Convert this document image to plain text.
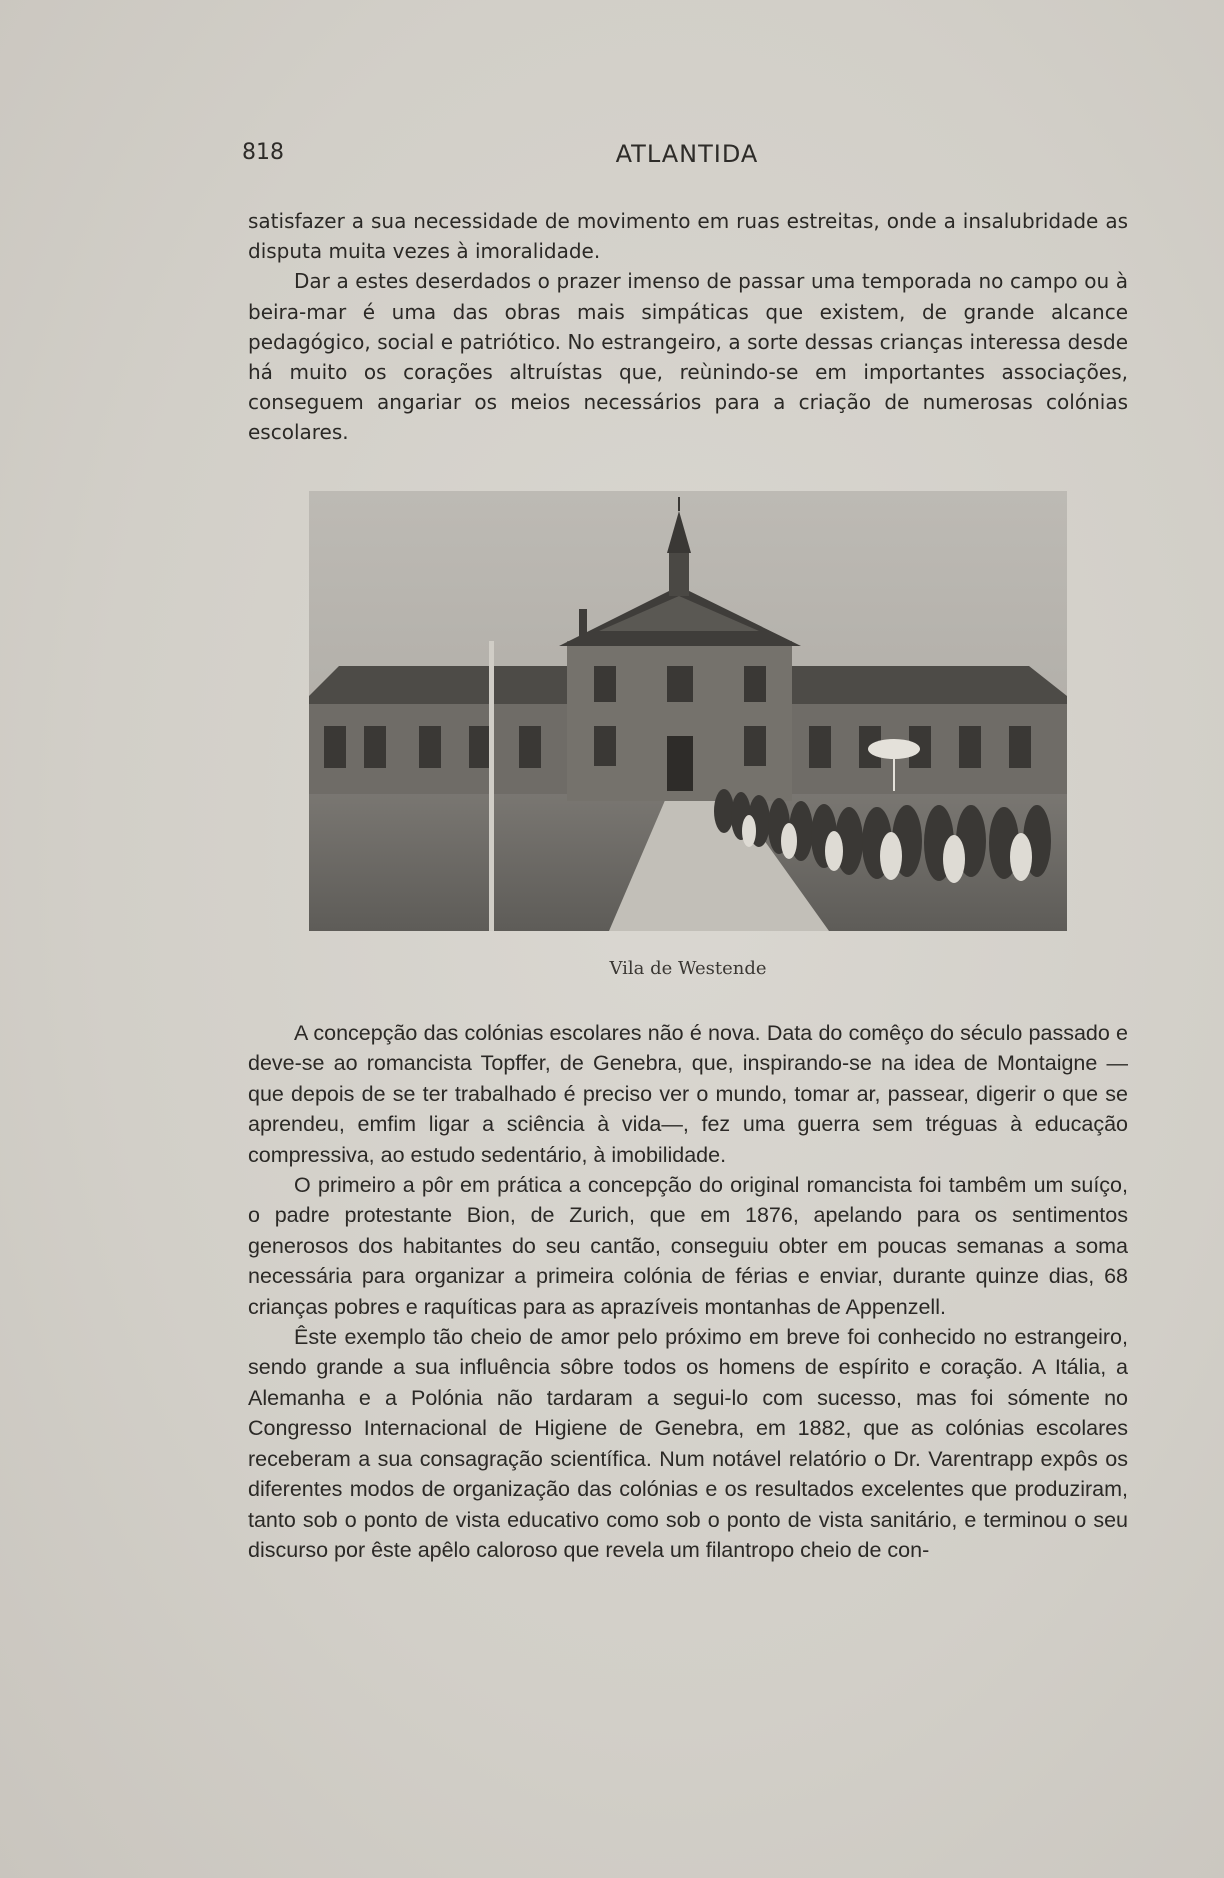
818	ATLANTIDA

satisfazer a sua necessidade de movimento em ruas estreitas, onde a insalubridade as disputa muita vezes à imoralidade.

Dar a estes deserdados o prazer imenso de passar uma temporada no campo ou à beira-mar é uma das obras mais simpáticas que existem, de grande alcance pedagógico, social e patriótico. No estrangeiro, a sorte dessas crianças interessa desde há muito os corações altruístas que, reùnindo-se em importantes associações, conseguem angariar os meios necessários para a criação de numerosas colónias escolares.

Vila de Westende

A concepção das colónias escolares não é nova. Data do comêço do século passado e deve-se ao romancista Topffer, de Genebra, que, inspirando-se na idea de Montaigne — que depois de se ter trabalhado é preciso ver o mundo, tomar ar, passear, digerir o que se aprendeu, emfim ligar a sciência à vida—, fez uma guerra sem tréguas à educação compressiva, ao estudo sedentário, à imobilidade.

O primeiro a pôr em prática a concepção do original romancista foi tambêm um suíço, o padre protestante Bion, de Zurich, que em 1876, apelando para os sentimentos generosos dos habitantes do seu cantão, conseguiu obter em poucas semanas a soma necessária para organizar a primeira colónia de férias e enviar, durante quinze dias, 68 crianças pobres e raquíticas para as aprazíveis montanhas de Appenzell.

Êste exemplo tão cheio de amor pelo próximo em breve foi conhecido no estrangeiro, sendo grande a sua influência sôbre todos os homens de espírito e coração. A Itália, a Alemanha e a Polónia não tardaram a segui-lo com sucesso, mas foi sómente no Congresso Internacional de Higiene de Genebra, em 1882, que as colónias escolares receberam a sua consagração scientífica. Num notável relatório o Dr. Varentrapp expôs os diferentes modos de organização das colónias e os resultados excelentes que produziram, tanto sob o ponto de vista educativo como sob o ponto de vista sanitário, e terminou o seu discurso por êste apêlo caloroso que revela um filantropo cheio de con-
